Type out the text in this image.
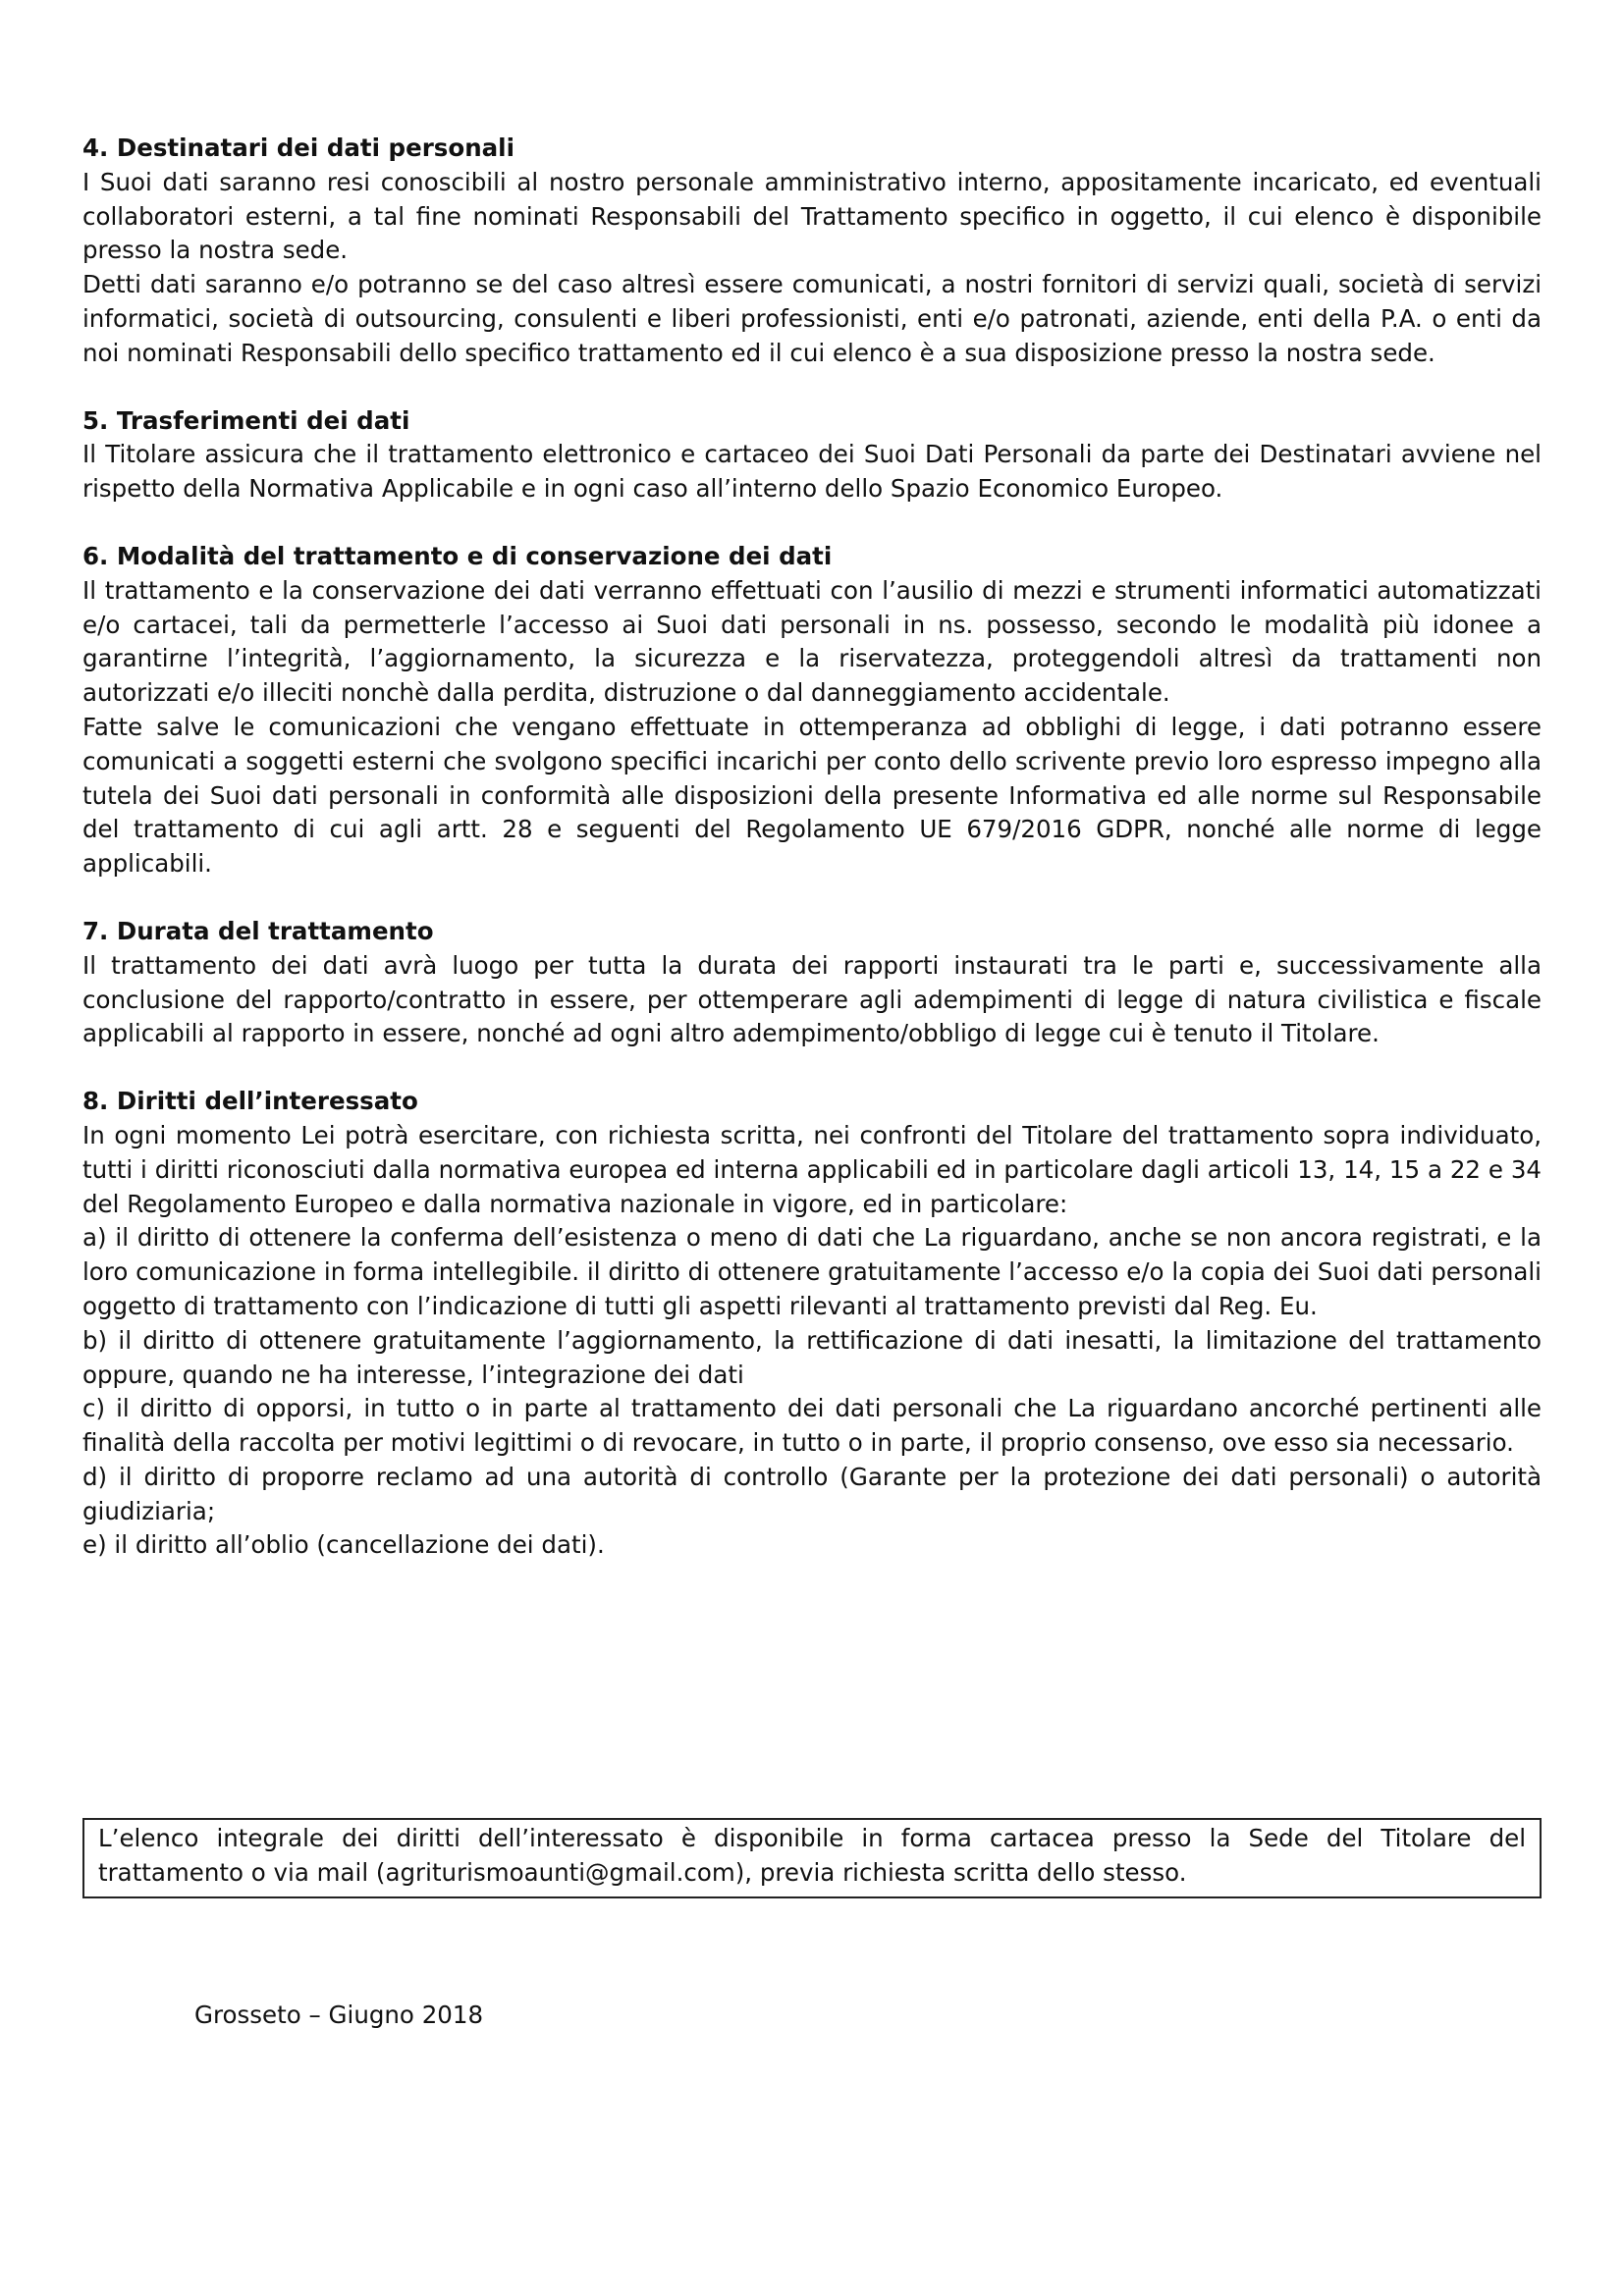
4. Destinatari dei dati personali

I Suoi dati saranno resi conoscibili al nostro personale amministrativo interno, appositamente incaricato, ed eventuali collaboratori esterni, a tal fine nominati Responsabili del Trattamento specifico in oggetto, il cui elenco è disponibile presso la nostra sede.

Detti dati saranno e/o potranno se del caso altresì essere comunicati, a nostri fornitori di servizi quali, società di servizi informatici, società di outsourcing, consulenti e liberi professionisti, enti e/o patronati, aziende, enti della P.A. o enti da noi nominati Responsabili dello specifico trattamento ed il cui elenco è a sua disposizione presso la nostra sede.

5. Trasferimenti dei dati

Il Titolare assicura che il trattamento elettronico e cartaceo dei Suoi Dati Personali da parte dei Destinatari avviene nel rispetto della Normativa Applicabile e in ogni caso all’interno dello Spazio Economico Europeo.

6. Modalità del trattamento e di conservazione dei dati

Il trattamento e la conservazione dei dati verranno effettuati con l’ausilio di mezzi e strumenti informatici automatizzati e/o cartacei, tali da permetterle l’accesso ai Suoi dati personali in ns. possesso, secondo le modalità più idonee a garantirne l’integrità, l’aggiornamento, la sicurezza e la riservatezza, proteggendoli altresì da trattamenti non autorizzati e/o illeciti nonchè dalla perdita, distruzione o dal danneggiamento accidentale.

Fatte salve le comunicazioni che vengano effettuate in ottemperanza ad obblighi di legge, i dati potranno essere comunicati a soggetti esterni che svolgono specifici incarichi per conto dello scrivente previo loro espresso impegno alla tutela dei Suoi dati personali in conformità alle disposizioni della presente Informativa ed alle norme sul Responsabile del trattamento di cui agli artt. 28 e seguenti del Regolamento UE 679/2016 GDPR, nonché alle norme di legge applicabili.

7. Durata del trattamento

Il trattamento dei dati avrà luogo per tutta la durata dei rapporti instaurati tra le parti e, successivamente alla conclusione del rapporto/contratto in essere, per ottemperare agli adempimenti di legge di natura civilistica e fiscale applicabili al rapporto in essere, nonché ad ogni altro adempimento/obbligo di legge cui è tenuto il Titolare.

8. Diritti dell’interessato

In ogni momento Lei potrà esercitare, con richiesta scritta, nei confronti del Titolare del trattamento sopra individuato, tutti i diritti riconosciuti dalla normativa europea ed interna applicabili ed in particolare dagli articoli 13, 14, 15 a 22 e 34 del Regolamento Europeo e dalla normativa nazionale in vigore, ed in particolare:

a) il diritto di ottenere la conferma dell’esistenza o meno di dati che La riguardano, anche se non ancora registrati, e la loro comunicazione in forma intellegibile. il diritto di ottenere gratuitamente l’accesso e/o la copia dei Suoi dati personali oggetto di trattamento con l’indicazione di tutti gli aspetti rilevanti al trattamento previsti dal Reg. Eu.

b) il diritto di ottenere gratuitamente l’aggiornamento, la rettificazione di dati inesatti, la limitazione del trattamento oppure, quando ne ha interesse, l’integrazione dei dati

c) il diritto di opporsi, in tutto o in parte al trattamento dei dati personali che La riguardano ancorché pertinenti alle finalità della raccolta per motivi legittimi o di revocare, in tutto o in parte, il proprio consenso, ove esso sia necessario.

d) il diritto di proporre reclamo ad una autorità di controllo (Garante per la protezione dei dati personali) o autorità giudiziaria;

e) il diritto all’oblio (cancellazione dei dati).

L’elenco integrale dei diritti dell’interessato è disponibile in forma cartacea presso la Sede del Titolare del trattamento o via mail (agriturismoaunti@gmail.com), previa richiesta scritta dello stesso.

Grosseto – Giugno 2018
